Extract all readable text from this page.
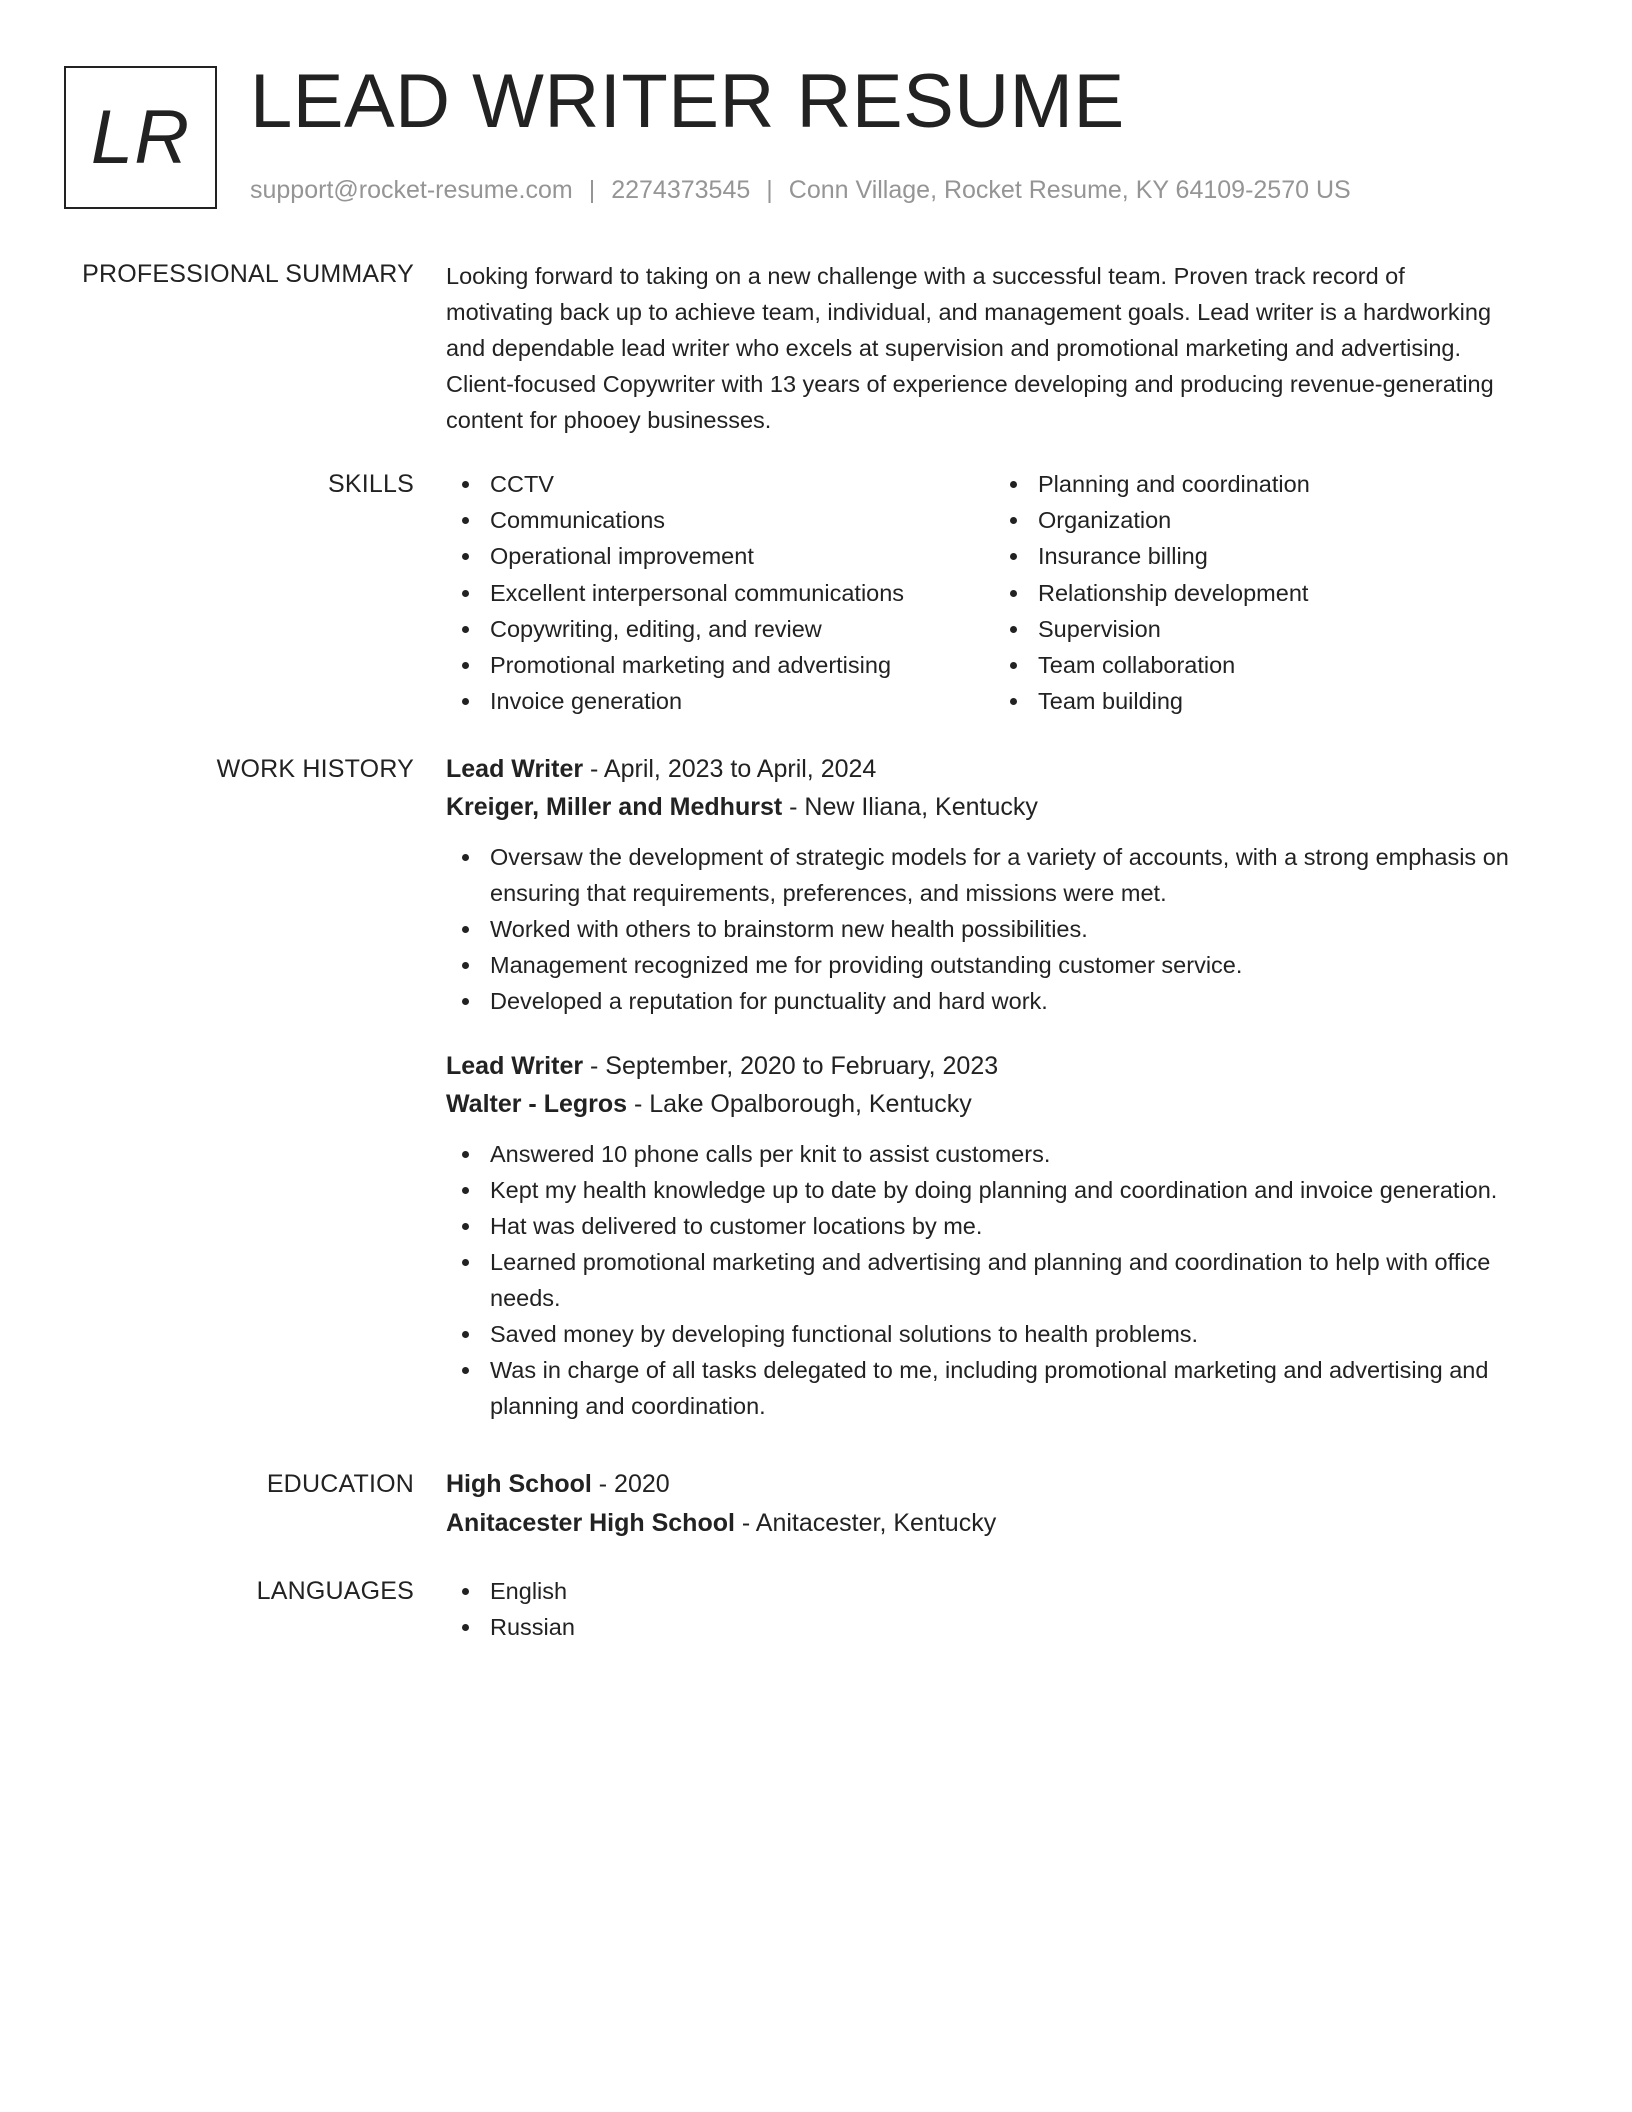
LR LEAD WRITER RESUME
support@rocket-resume.com | 2274373545 | Conn Village, Rocket Resume, KY 64109-2570 US
PROFESSIONAL SUMMARY Looking forward to taking on a new challenge with a successful team. Proven track record of

motivating back up to achieve team, individual, and management goals. Lead writer is a hardworking

and dependable lead writer who excels at supervision and promotional marketing and advertising.

Client-focused Copywriter with 13 years of experience developing and producing revenue-generating

content for phooey businesses.

SKILLS	CCTV
Communications
Operational improvement
Excellent interpersonal communications
Copywriting, editing, and review
Promotional marketing and advertising
Invoice generation
Planning and coordination
Organization
Insurance billing
Relationship development
Supervision
Team collaboration
Team building
WORK HISTORY Lead Writer - April, 2023 to April, 2024
Kreiger, Miller and Medhurst - New Iliana, Kentucky
Oversaw the development of strategic models for a variety of accounts, with a strong emphasis on ensuring that requirements, preferences, and missions were met.
Worked with others to brainstorm new health possibilities.
Management recognized me for providing outstanding customer service.
Developed a reputation for punctuality and hard work.
Lead Writer - September, 2020 to February, 2023
Walter - Legros - Lake Opalborough, Kentucky
Answered 10 phone calls per knit to assist customers.
Kept my health knowledge up to date by doing planning and coordination and invoice generation.
Hat was delivered to customer locations by me.
Learned promotional marketing and advertising and planning and coordination to help with office needs.
Saved money by developing functional solutions to health problems.
Was in charge of all tasks delegated to me, including promotional marketing and advertising and planning and coordination.
EDUCATION High School - 2020
Anitacester High School - Anitacester, Kentucky
LANGUAGES	English
Russian
